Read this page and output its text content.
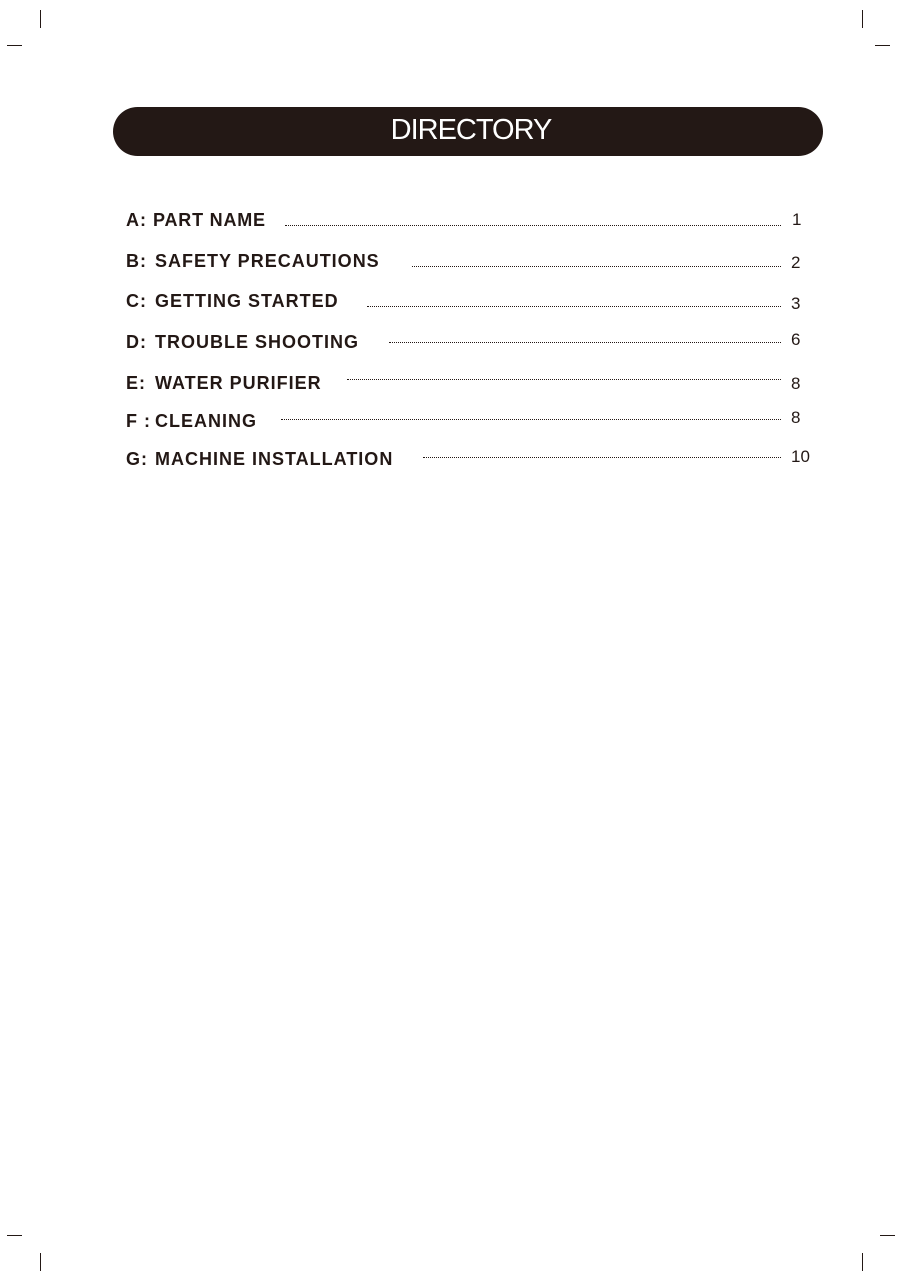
DIRECTORY
A: PART NAME	1
B: SAFETY PRECAUTIONS	2
C: GETTING STARTED	3
D: TROUBLE SHOOTING	6
E: WATER PURIFIER	8
F : CLEANING	8
G: MACHINE INSTALLATION	10
